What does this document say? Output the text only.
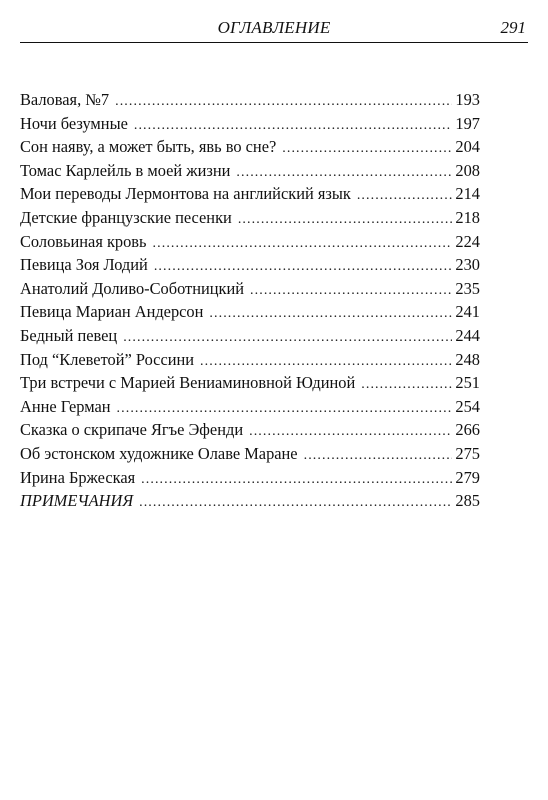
ОГЛАВЛЕНИЕ	291
Валовая, №7 . . .	193
Ночи безумные . . .	197
Сон наяву, а может быть, явь во сне? . . .	204
Томас Карлейль в моей жизни . . .	208
Мои переводы Лермонтова на английский язык . . .	214
Детские французские песенки . . .	218
Соловьиная кровь . . .	224
Певица Зоя Лодий . . .	230
Анатолий Доливо-Соботницкий . . .	235
Певица Мариан Андерсон . . .	241
Бедный певец . . .	244
Под “Клеветой” Россини . . .	248
Три встречи с Марией Вениаминовной Юдиной . . .	251
Анне Герман . . .	254
Сказка о скрипаче Ягъе Эфенди . . .	266
Об эстонском художнике Олаве Маране . . .	275
Ирина Бржеская . . .	279
ПРИМЕЧАНИЯ . . .	285
